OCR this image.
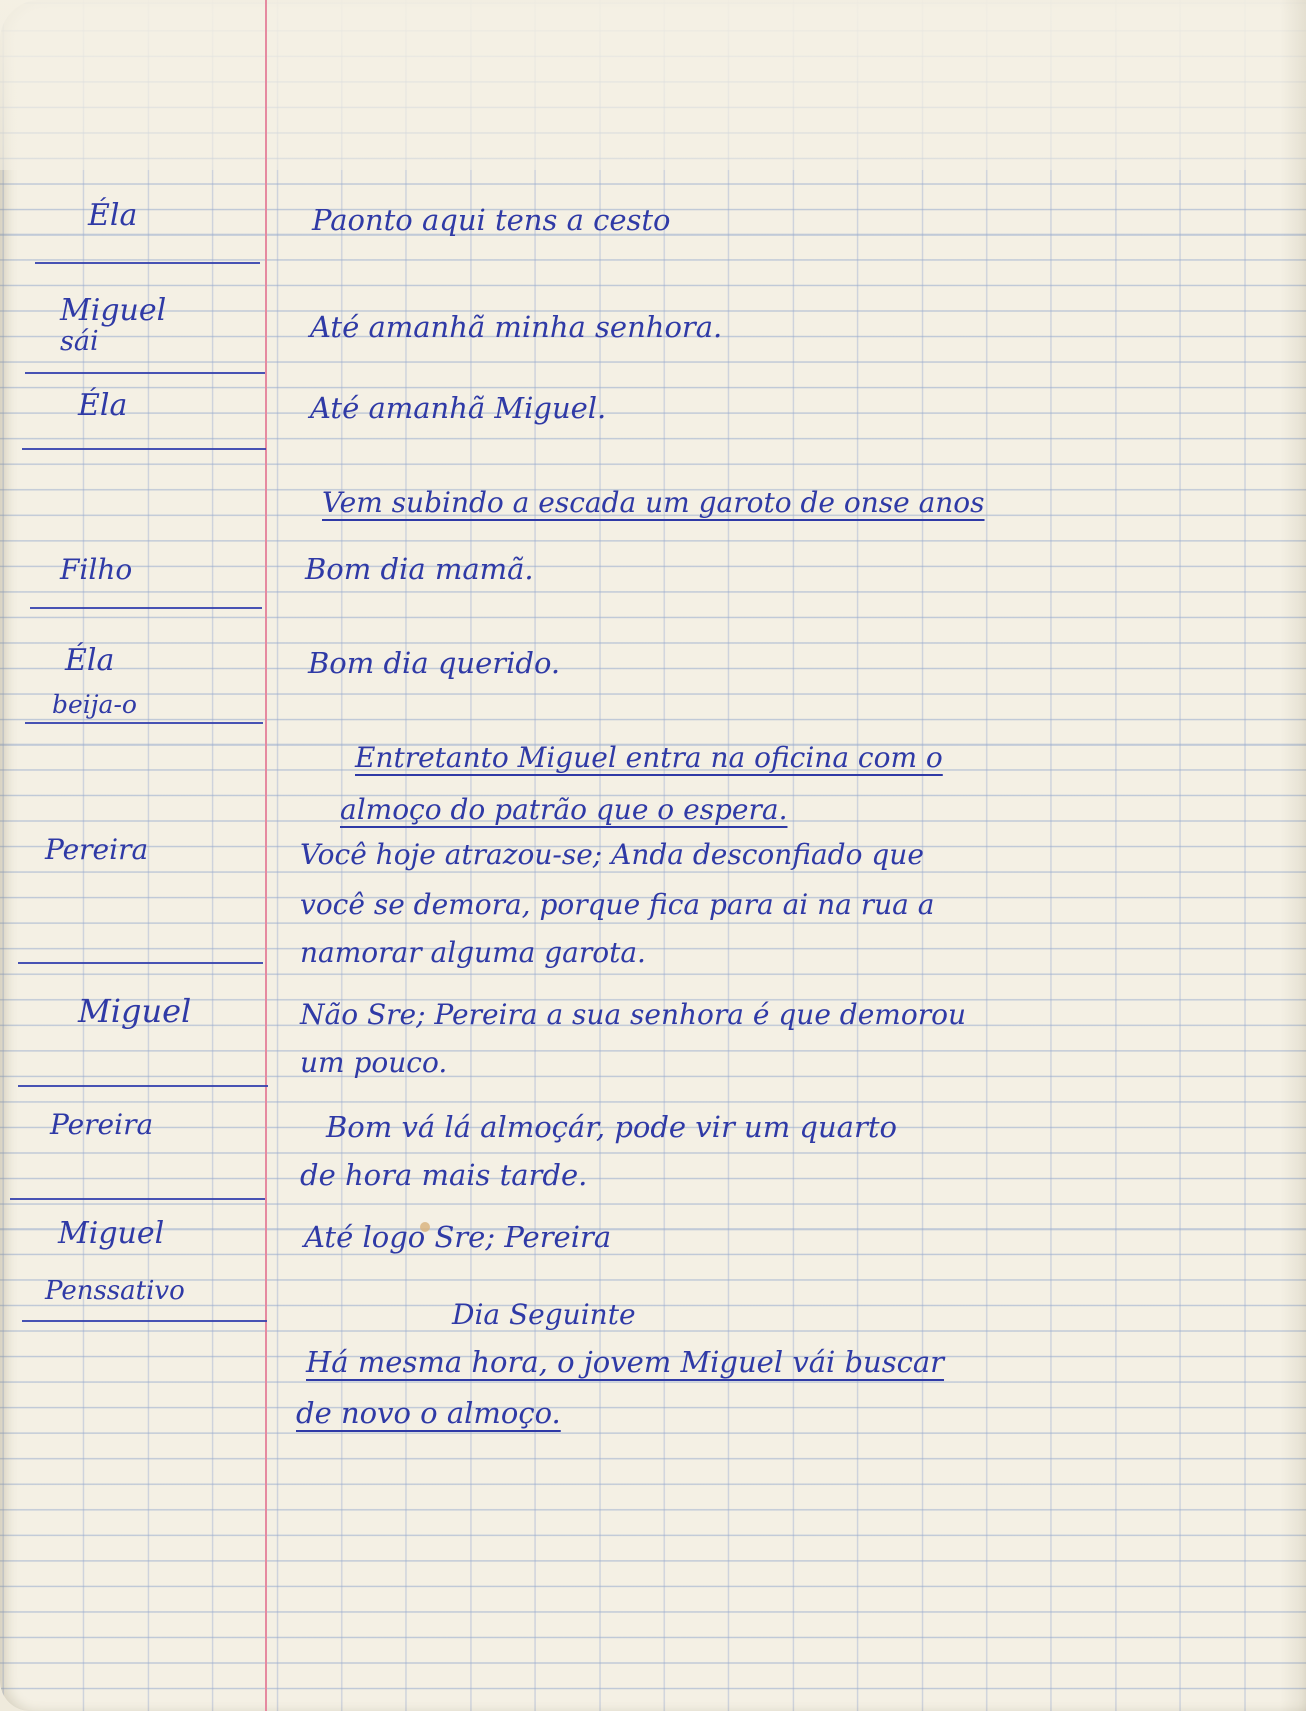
Éla

Miguel

sái

Éla

Filho

Éla

beija-o

Pereira

Miguel

Pereira

Miguel

Penssativo

Paonto aqui tens a cesto

Até amanhã minha senhora.

Até amanhã Miguel.

Vem subindo a escada um garoto de onse anos

Bom dia mamã.

Bom dia querido.

Entretanto Miguel entra na oficina com o

almoço do patrão que o espera.

Você hoje atrazou-se; Anda desconfiado que

você se demora, porque fica para ai na rua a

namorar alguma garota.

Não Sre; Pereira a sua senhora é que demorou

um pouco.

Bom vá lá almoçár, pode vir um quarto

de hora mais tarde.

Até logo Sre; Pereira

Dia Seguinte

Há mesma hora, o jovem Miguel vái buscar

de novo o almoço.
